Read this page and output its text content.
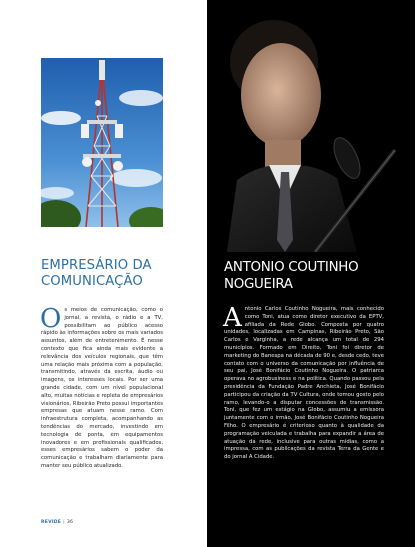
EMPRESÁRIO DA
COMUNICAÇÃO
Os meios de comunicação, como o jornal, a revista, o rádio e a TV, possibilitam ao público acesso rápido às informações sobre os mais variados assuntos, além de entretenimento. É nesse contexto que fica ainda mais evidente a relevância dos veículos regionais, que têm uma relação mais próxima com a população, transmitindo, através da escrita, áudio ou imagens, os interesses locais. Por ser uma grande cidade, com um nível populacional alto, muitas notícias e repleta de empresários visionários, Ribeirão Preto possui importantes empresas que atuam nesse ramo. Com infraestrutura completa, acompanhando as tendências do mercado, investindo em tecnologia de ponta, em equipamentos inovadores e em profissionais qualificados, esses empresários sabem o poder da comunicação e trabalham diariamente para manter seu público atualizado.
REVIDE | 36
ANTONIO COUTINHO
NOGUEIRA
Antonio Carlos Coutinho Nogueira, mais conhecido como Toni, atua como diretor executivo da EPTV, afiliada da Rede Globo. Composta por quatro unidades, localizadas em Campinas, Ribeirão Preto, São Carlos e Varginha, a rede alcança um total de 294 municípios. Formado em Direito, Toni foi diretor de marketing do Banespa na década de 90 e, desde cedo, teve contato com o universo da comunicação por influência de seu pai, José Bonifácio Coutinho Nogueira. O patriarca operava no agrobusiness e na política. Quando passou pela presidência da Fundação Padre Anchieta, José Bonifácio participou da criação da TV Cultura, onde tomou gosto pelo ramo, levando-o a disputar concessões de transmissão. Toni, que fez um estágio na Globo, assumiu a emissora juntamente com o irmão, José Bonifácio Coutinho Nogueira Filho. O empresário é criterioso quanto à qualidade da programação veiculada e trabalha para expandir a área de atuação da rede, inclusive para outras mídias, como a impressa, com as publicações da revista Terra da Gente e do jornal A Cidade.
